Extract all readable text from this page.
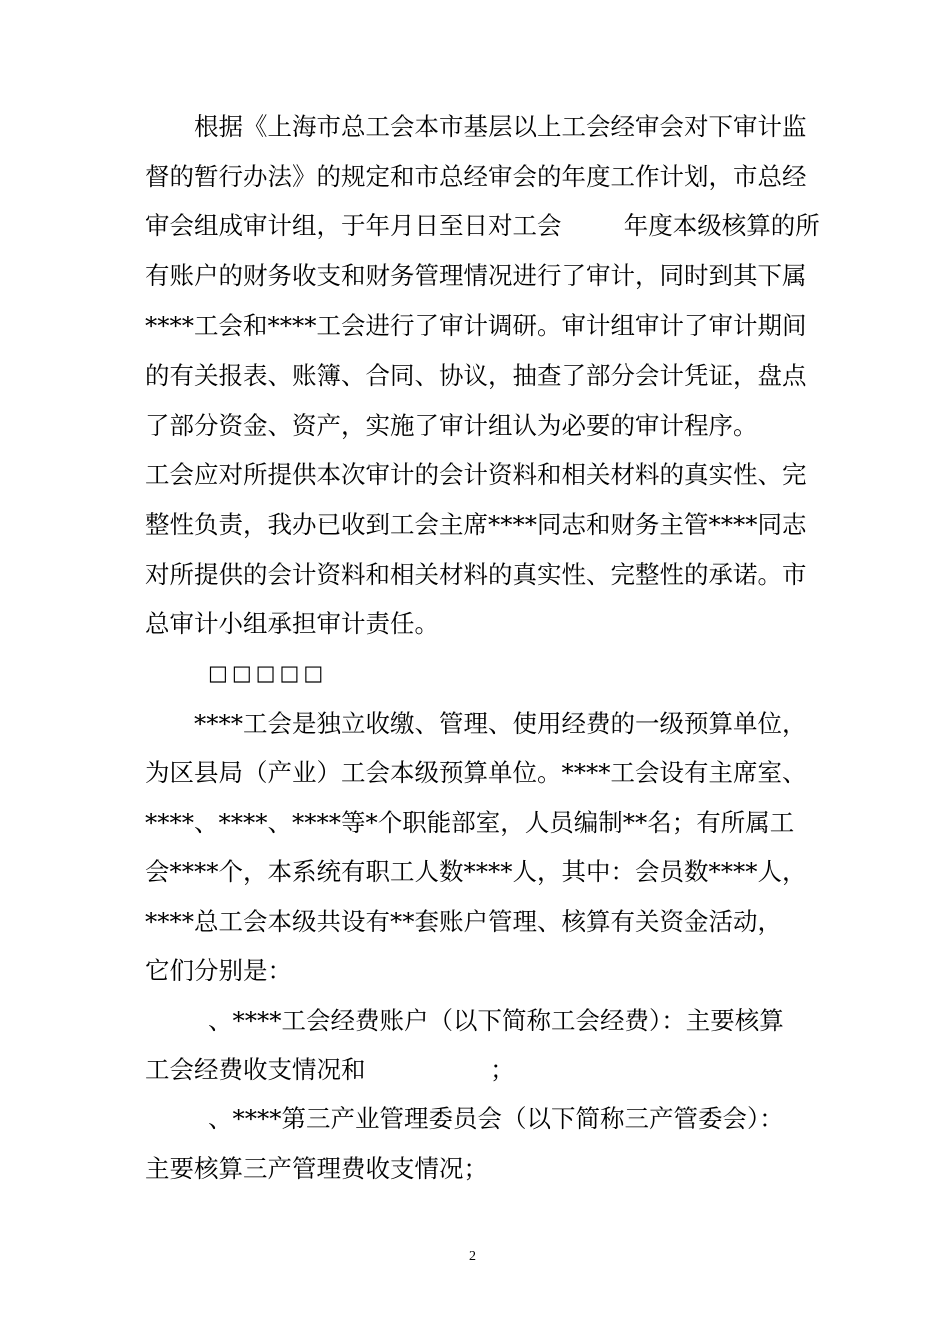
根据《上海市总工会本市基层以上工会经审会对下审计监
督的暂行办法》的规定和市总经审会的年度工作计划，市总经
审会组成审计组，于年月日至日对工会        年度本级核算的所
有账户的财务收支和财务管理情况进行了审计，同时到其下属
****工会和****工会进行了审计调研。审计组审计了审计期间
的有关报表、账簿、合同、协议，抽查了部分会计凭证，盘点
了部分资金、资产，实施了审计组认为必要的审计程序。
工会应对所提供本次审计的会计资料和相关材料的真实性、完
整性负责，我办已收到工会主席****同志和财务主管****同志
对所提供的会计资料和相关材料的真实性、完整性的承诺。市
总审计小组承担审计责任。
□□□□□
****工会是独立收缴、管理、使用经费的一级预算单位，
为区县局（产业）工会本级预算单位。****工会设有主席室、
****、****、****等*个职能部室，人员编制**名；有所属工
会****个，本系统有职工人数****人，其中：会员数****人，
****总工会本级共设有**套账户管理、核算有关资金活动，
它们分别是：
、****工会经费账户（以下简称工会经费）：主要核算
工会经费收支情况和                ；
、****第三产业管理委员会（以下简称三产管委会）：
主要核算三产管理费收支情况；
2
